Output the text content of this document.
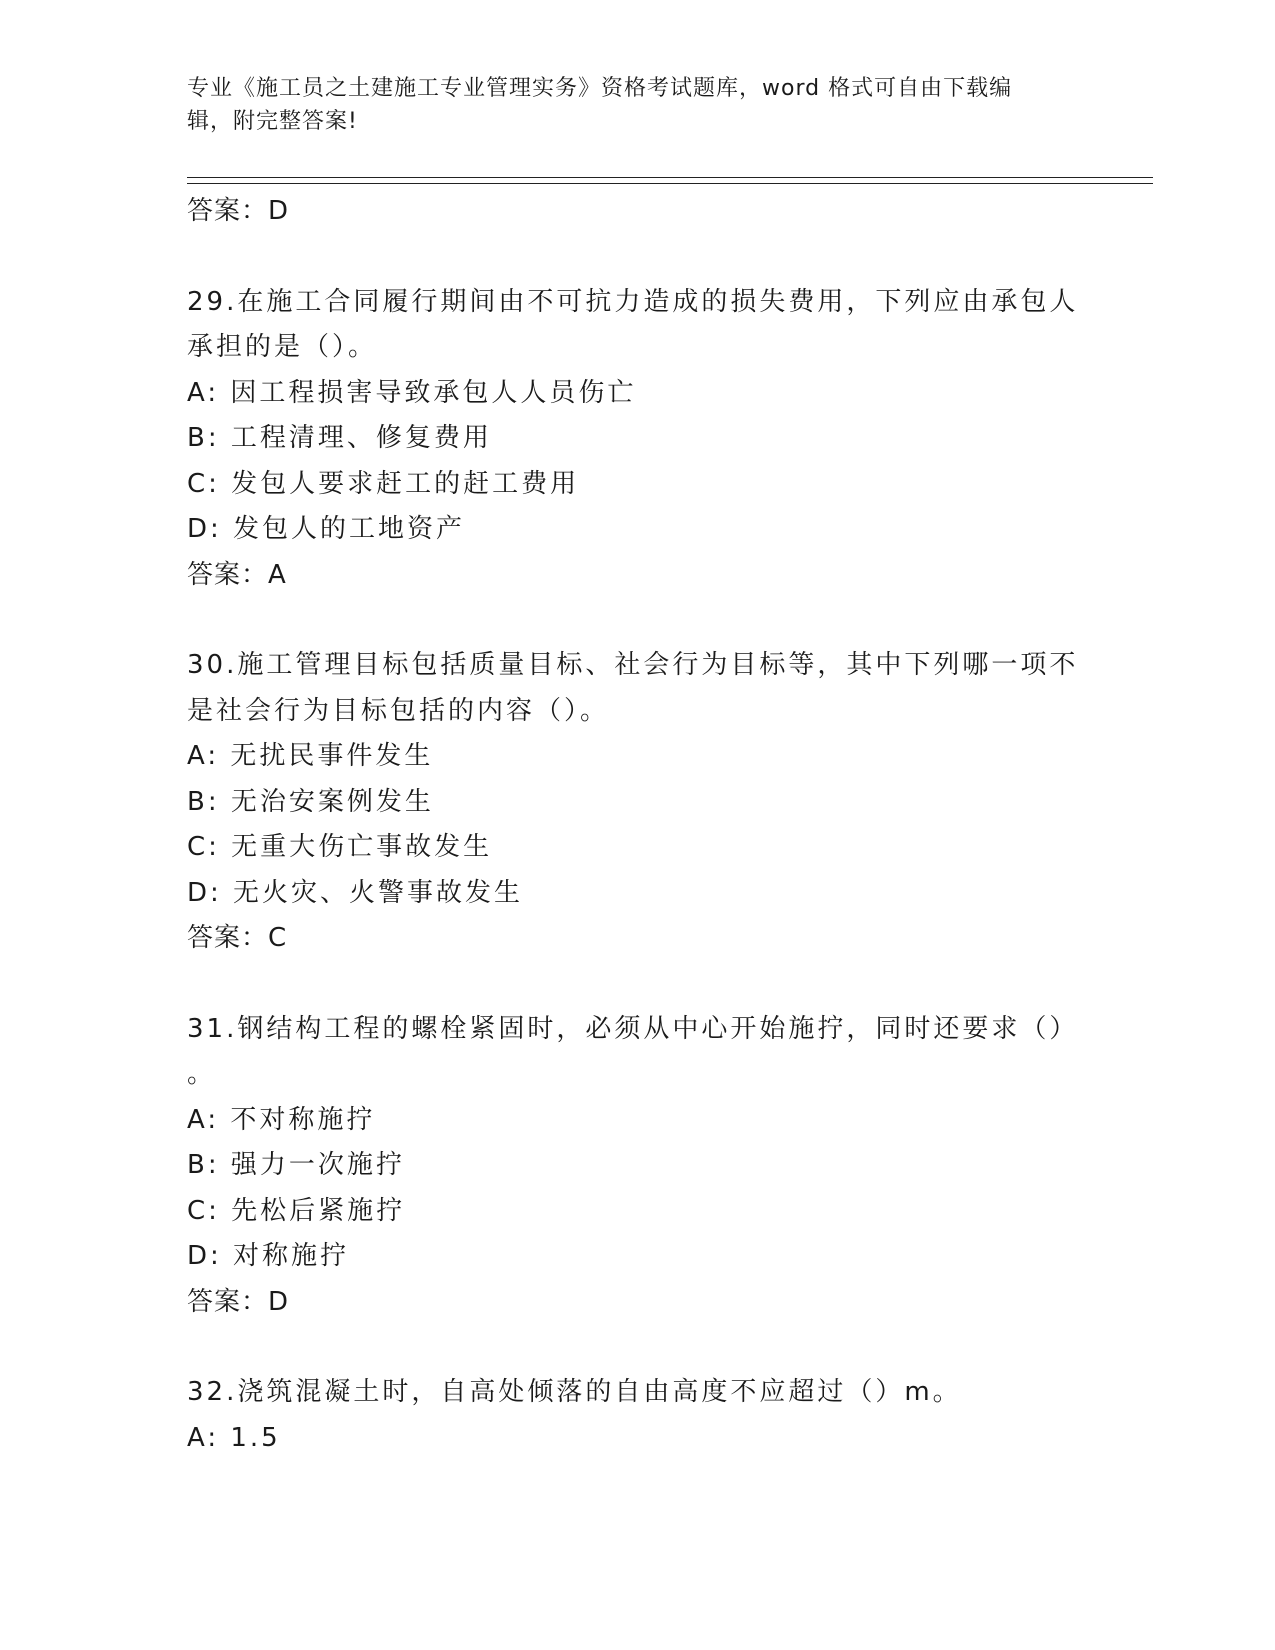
专业《施工员之土建施工专业管理实务》资格考试题库，word 格式可自由下载编
辑，附完整答案!
答案：D
29.在施工合同履行期间由不可抗力造成的损失费用，下列应由承包人
承担的是（）。
A: 因工程损害导致承包人人员伤亡
B: 工程清理、修复费用
C: 发包人要求赶工的赶工费用
D: 发包人的工地资产
答案：A
30.施工管理目标包括质量目标、社会行为目标等，其中下列哪一项不
是社会行为目标包括的内容（）。
A: 无扰民事件发生
B: 无治安案例发生
C: 无重大伤亡事故发生
D: 无火灾、火警事故发生
答案：C
31.钢结构工程的螺栓紧固时，必须从中心开始施拧，同时还要求（）
。
A: 不对称施拧
B: 强力一次施拧
C: 先松后紧施拧
D: 对称施拧
答案：D
32.浇筑混凝土时，自高处倾落的自由高度不应超过（）m。
A: 1.5
